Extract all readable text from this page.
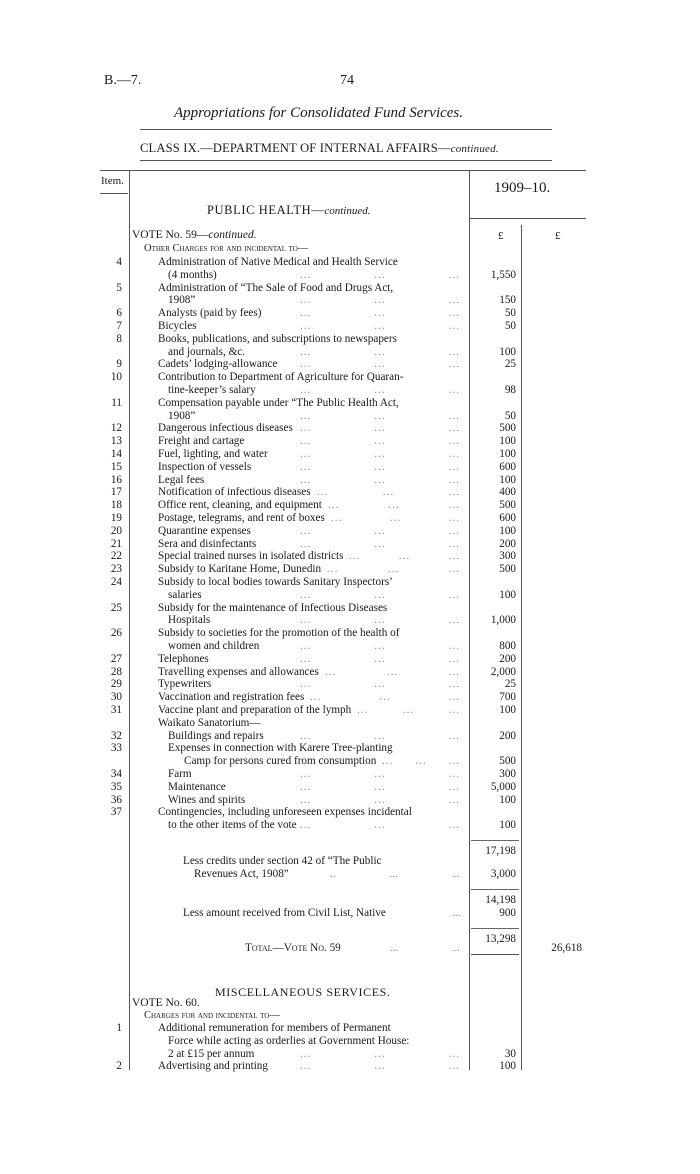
B.—7.	74
Appropriations for Consolidated Fund Services.
CLASS IX.—DEPARTMENT OF INTERNAL AFFAIRS—continued.
Item.	1909–10.
PUBLIC HEALTH—continued.
VOTE No. 59—continued.	£	£
Other Charges for and incidental to—
4	Administration of Native Medical and Health Service
(4 months)	...	...	...	1,550
5	Administration of “The Sale of Food and Drugs Act,
1908”	...	...	...	150
6	Analysts (paid by fees)	...	...	...	50
7	Bicycles	...	...	...	50
8	Books, publications, and subscriptions to newspapers
and journals, &c.	...	...	...	100
9	Cadets’ lodging-allowance ...	...	...	25
10	Contribution to Department of Agriculture for Quaran-
tine-keeper’s salary	...	...	...	98
11	Compensation payable under “The Public Health Act,
1908”	...	...	...	50
12	Dangerous infectious diseases ...	...	...	500
13	Freight and cartage	...	...	...	100
14	Fuel, lighting, and water	...	...	...	100
15	Inspection of vessels	...	...	...	600
16	Legal fees	...	...	...	100
17	Notification of infectious diseases ...	...	...	400
18	Office rent, cleaning, and equipment ...	...	...	500
19	Postage, telegrams, and rent of boxes ...	...	...	600
20	Quarantine expenses	...	...	...	100
21	Sera and disinfectants	...	...	...	200
22	Special trained nurses in isolated districts ...	...	...	300
23	Subsidy to Karitane Home, Dunedin ...	...	...	500
24	Subsidy to local bodies towards Sanitary Inspectors’
salaries	...	...	...	100
25	Subsidy for the maintenance of Infectious Diseases
Hospitals	...	...	...	1,000
26	Subsidy to societies for the promotion of the health of
women and children	...	...	...	800
27	Telephones	...	...	...	200
28	Travelling expenses and allowances ...	...	...	2,000
29	Typewriters	...	...	...	25
30	Vaccination and registration fees ...	...	...	700
31	Vaccine plant and preparation of the lymph ...	...	...	100
Waikato Sanatorium—
32	Buildings and repairs	...	...	...	200
33	Expenses in connection with Karere Tree-planting
Camp for persons cured from consumption ... ... ...	500
34	Farm	...	...	...	300
35	Maintenance	...	...	...	5,000
36	Wines and spirits	...	...	...	100
37	Contingencies, including unforeseen expenses incidental
to the other items of the vote ...	...	...	100
17,198
Less credits under section 42 of “The Public
Revenues Act, 1908”	..	...	...	3,000
14,198
Less amount received from Civil List, Native	...	900
13,298
Total—Vote No. 59	...	...	26,618
MISCELLANEOUS SERVICES.
VOTE No. 60.
Charges for and incidental to—
1	Additional remuneration for members of Permanent
Force while acting as orderlies at Government House:
2 at £15 per annum	...	...	...	30
2	Advertising and printing	...	...	...	100
